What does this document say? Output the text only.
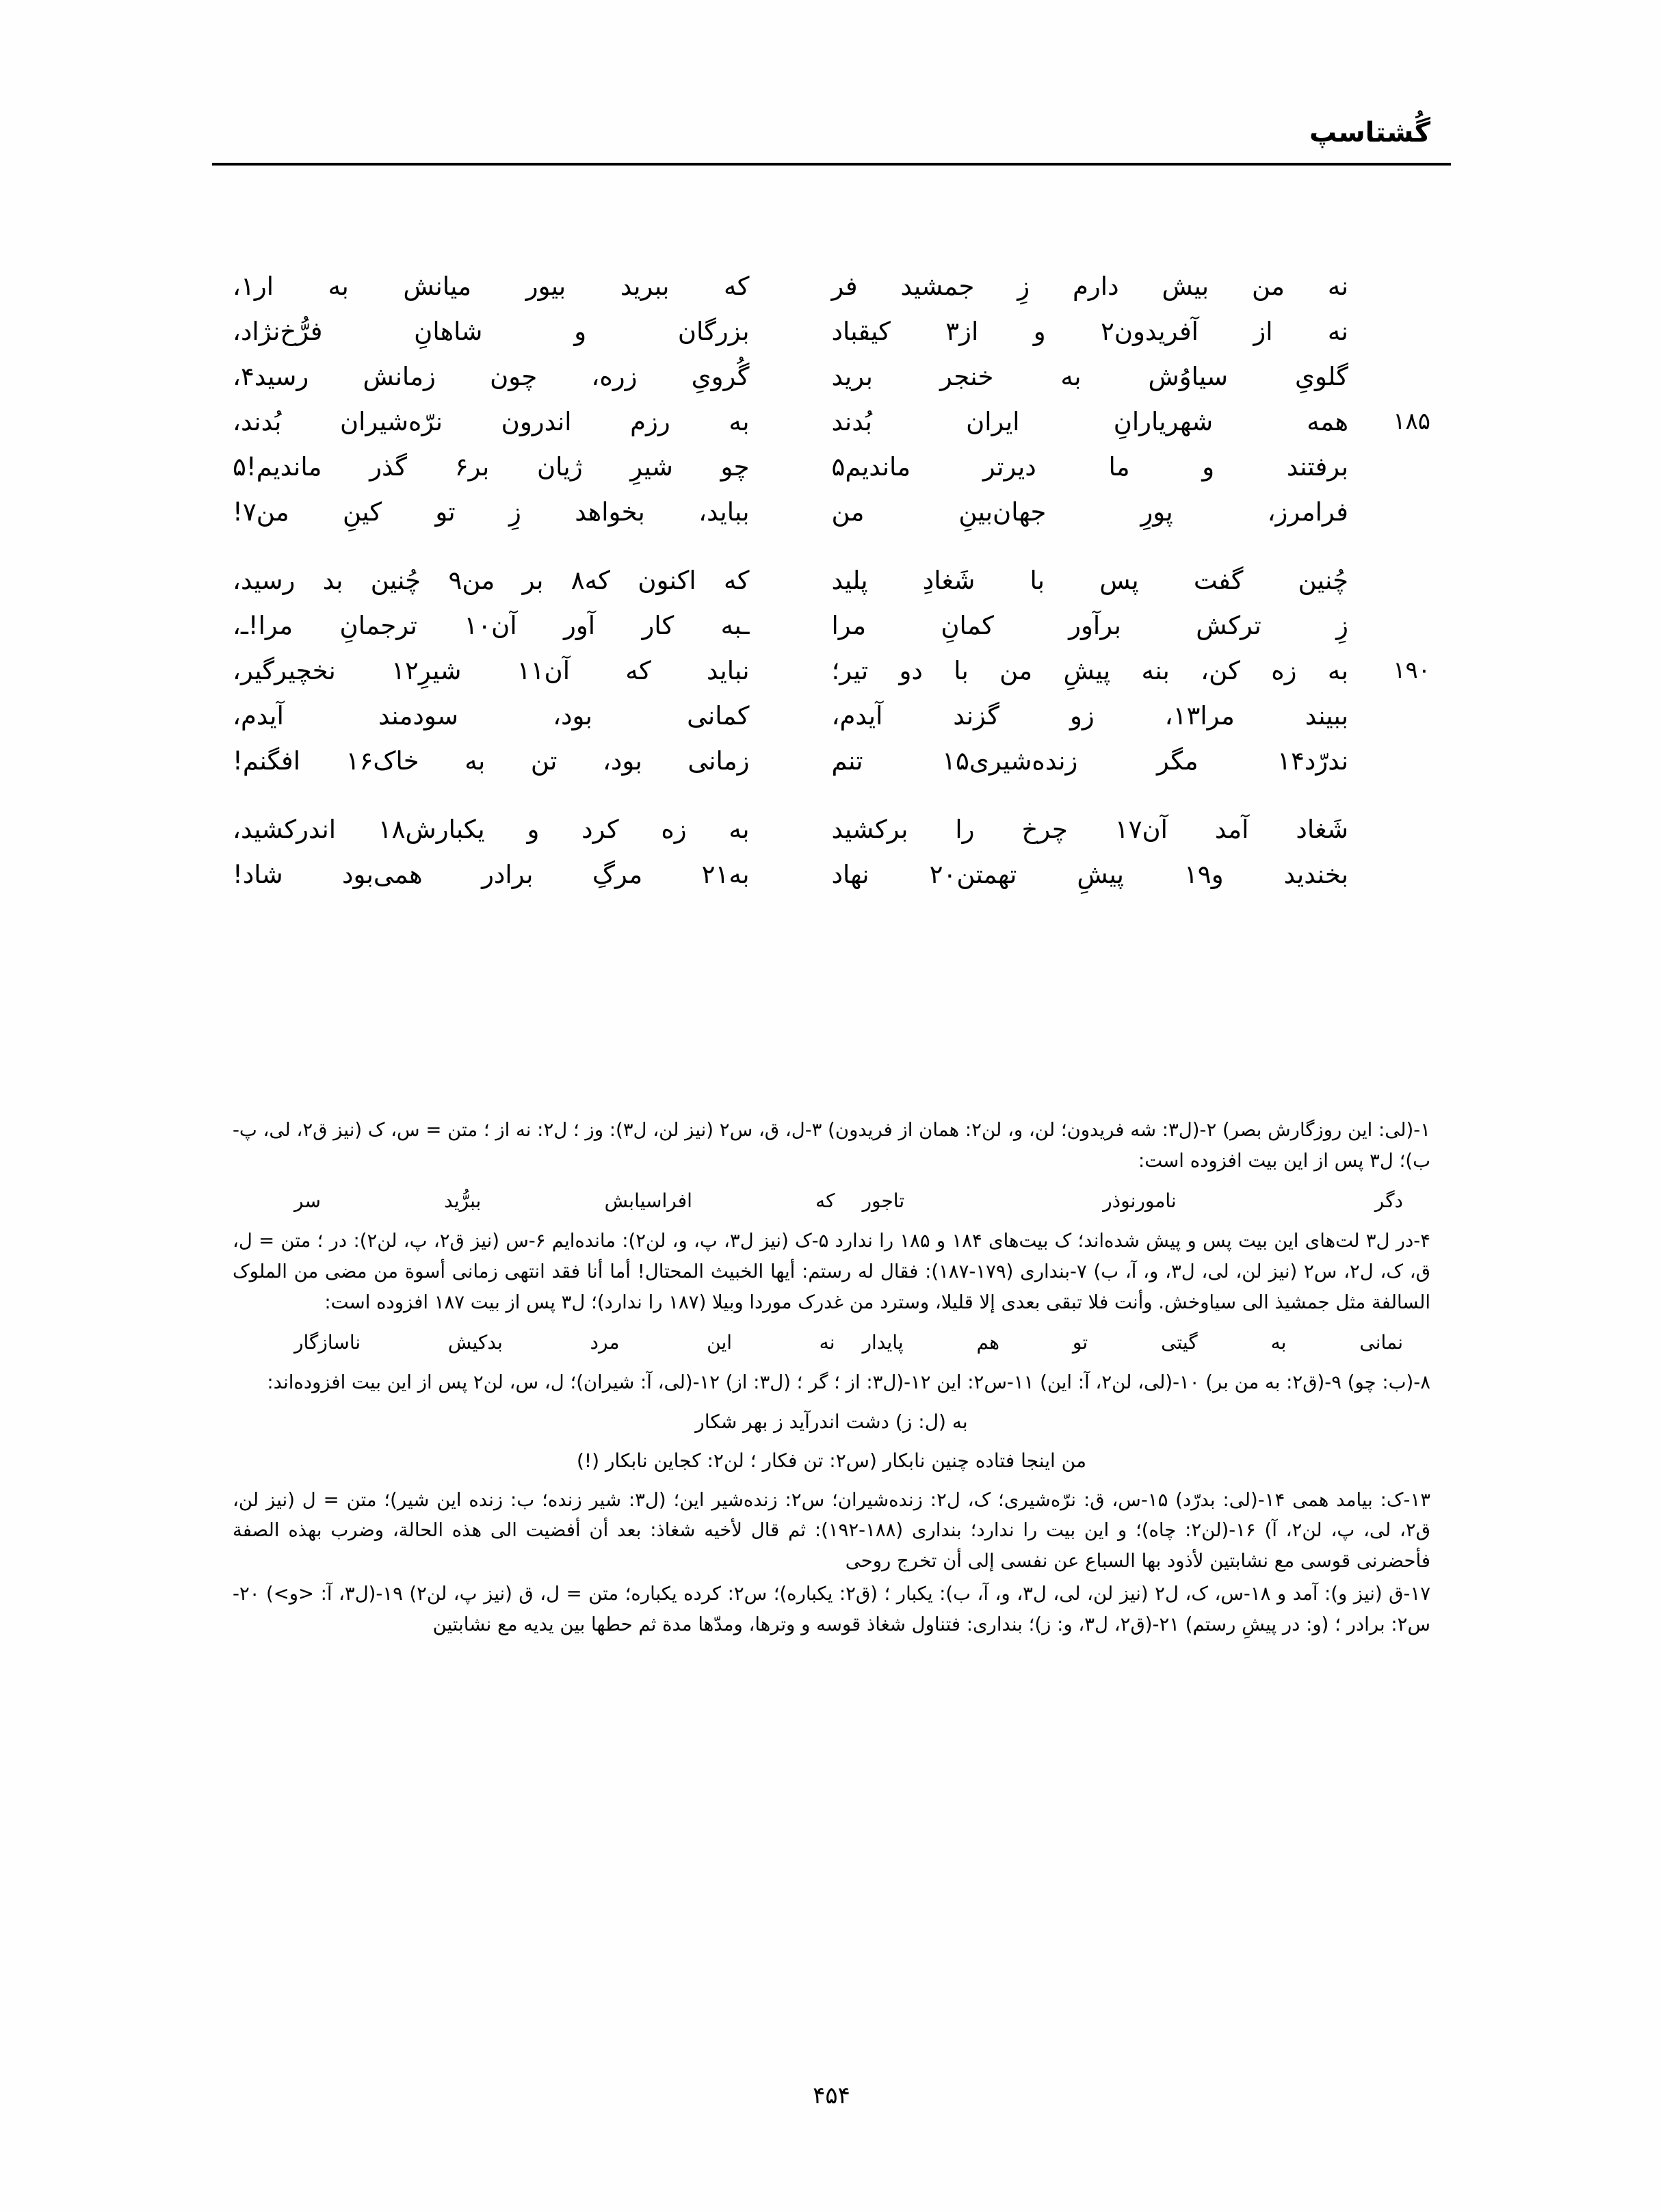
گُشتاسپ
نه من بیش دارم زِ جمشید فر
که ببرید بیور میانش به ار‌۱،
نه از آفریدون۲ و از۳ کیقباد
بزرگان و شاهانِ فرُّخ‌نژاد،
گلویِ سیاوُش به خنجر برید
گُرویِ زره، چون زمانش رسید۴،
۱۸۵
همه شهریارانِ ایران بُدند
به رزم اندرون نرّه‌شیران بُدند،
برفتند و ما دیرتر ماندیم۵
چو شیرِ ژیان بر۶ گذر ماندیم!۵
فرامرز، پورِ جهان‌بینِ من
بباید، بخواهد زِ تو کینِ من۷!
چُنین گفت پس با شَغادِ پلید
که اکنون که۸ بر من۹ چُنین بد رسید،
زِ ترکش برآور کمانِ مرا
ـبه کار آور آن۱۰ ترجمانِ مرا!ـ،
۱۹۰
به زه کن، بنه پیشِ من با دو تیر؛
نباید که آن۱۱ شیرِ۱۲ نخچیرگیر،
ببیند مرا۱۳، زو گزند آیدم،
کمانی بود، سودمند آیدم،
ندرّد۱۴ مگر زنده‌شیری۱۵ تنم
زمانی بود، تن به خاک۱۶ افگنم!
شَغاد آمد آن۱۷ چرخ را برکشید
به زه کرد و یکبارش۱۸ اندرکشید،
بخندید و۱۹ پیشِ تهمتن۲۰ نهاد
به۲۱ مرگِ برادر همی‌بود شاد!

۱-(لی: این روزگارش بصر) ۲-(ل۳: شه فریدون؛ لن، و، لن۲: همان از فریدون) ۳-ل، ق، س۲ (نیز لن، ل۳): وز ؛ ل۲: نه از ؛ متن = س، ک (نیز ق۲، لی، پ-ب)؛ ل۳ پس از این بیت افزوده است:

دگر نامورنوذر تاجور
که افراسیابش ببرُّید سر

۴-در ل۳ لت‌های این بیت پس و پیش شده‌اند؛ ک بیت‌های ۱۸۴ و ۱۸۵ را ندارد ۵-ک (نیز ل۳، پ، و، لن۲): مانده‌ایم ۶-س (نیز ق۲، پ، لن۲): در ؛ متن = ل، ق، ک، ل۲، س۲ (نیز لن، لی، ل۳، و، آ، ب) ۷-بنداری (۱۷۹-۱۸۷): فقال له رستم: أیها الخبیث المحتال! أما أنا فقد انتهی زمانی أسوة من مضی من الملوک السالفة مثل جمشیذ الی سیاوخش. وأنت فلا تبقی بعدی إلا قلیلا، وسترد من غدرک موردا وبیلا (۱۸۷ را ندارد)؛ ل۳ پس از بیت ۱۸۷ افزوده است:

نمانی به گیتی تو هم پایدار
نه این مرد بدکیش ناسازگار

۸-(ب: چو) ۹-(ق۲: به من بر) ۱۰-(لی، لن۲، آ: این) ۱۱-س۲: این ۱۲-(ل۳: از ؛ گر ؛ (ل۳: از) ۱۲-(لی، آ: شیران)؛ ل، س، لن۲ پس از این بیت افزوده‌اند:

به (ل: ز) دشت اندرآید ز بهر شکار
من اینجا فتاده چنین نابکار (س۲: تن فکار ؛ لن۲: کجاین نابکار (!)

۱۳-ک: بیامد همی ۱۴-(لی: بدرّد) ۱۵-س، ق: نرّه‌شیری؛ ک، ل۲: زنده‌شیران؛ س۲: زنده‌شیر این؛ (ل۳: شیر زنده؛ ب: زنده این شیر)؛ متن = ل (نیز لن، ق۲، لی، پ، لن۲، آ) ۱۶-(لن۲: چاه)؛ و این بیت را ندارد؛ بنداری (۱۸۸-۱۹۲): ثم قال لأخیه شغاذ: بعد أن أفضیت الی هذه الحالة، وضرب بهذه الصفة فأحضرنی قوسی مع نشابتین لأذود بها السباع عن نفسی إلی أن تخرج روحی

۱۷-ق (نیز و): آمد و ۱۸-س، ک، ل۲ (نیز لن، لی، ل۳، و، آ، ب): یکبار ؛ (ق۲: یکباره)؛ س۲: کرده یکباره؛ متن = ل، ق (نیز پ، لن۲) ۱۹-(ل۳، آ: <و>) ۲۰-س۲: برادر ؛ (و: در پیشِ رستم) ۲۱-(ق۲، ل۳، و: ز)؛ بنداری: فتناول شغاذ قوسه و وترها، ومدّها مدة ثم حطها بین یدیه مع نشابتین

۴۵۴
